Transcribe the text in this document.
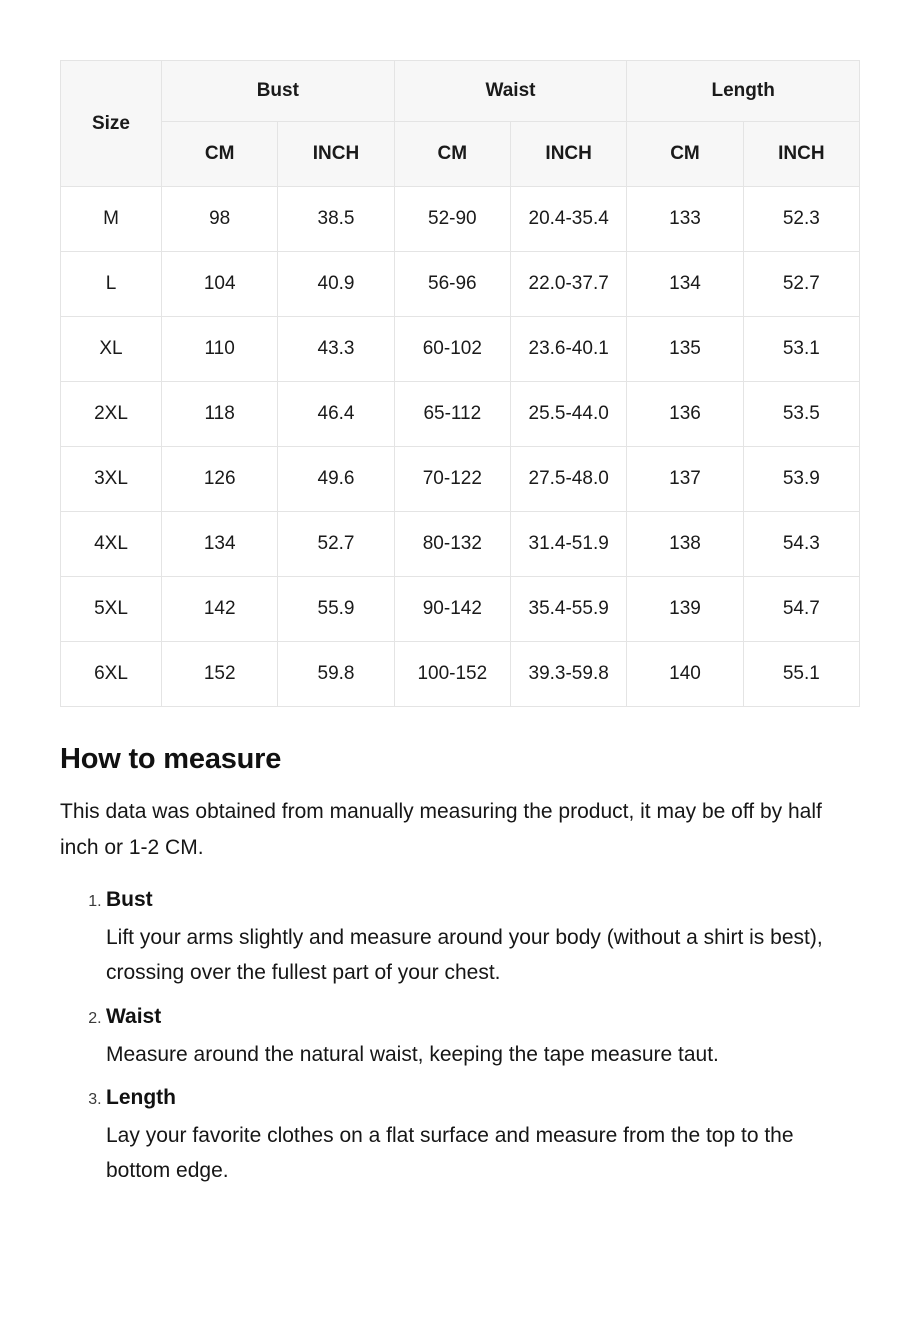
Size	Bust		Waist		Length	
	CM	INCH	CM	INCH	CM	INCH
M	98	38.5	52-90	20.4-35.4	133	52.3
L	104	40.9	56-96	22.0-37.7	134	52.7
XL	110	43.3	60-102	23.6-40.1	135	53.1
2XL	118	46.4	65-112	25.5-44.0	136	53.5
3XL	126	49.6	70-122	27.5-48.0	137	53.9
4XL	134	52.7	80-132	31.4-51.9	138	54.3
5XL	142	55.9	90-142	35.4-55.9	139	54.7
6XL	152	59.8	100-152	39.3-59.8	140	55.1
How to measure

This data was obtained from manually measuring the product, it may be off by half inch or 1-2 CM.

1. Bust

Lift your arms slightly and measure around your body (without a shirt is best), crossing over the fullest part of your chest.

2. Waist

Measure around the natural waist, keeping the tape measure taut.

3. Length

Lay your favorite clothes on a flat surface and measure from the top to the bottom edge.
